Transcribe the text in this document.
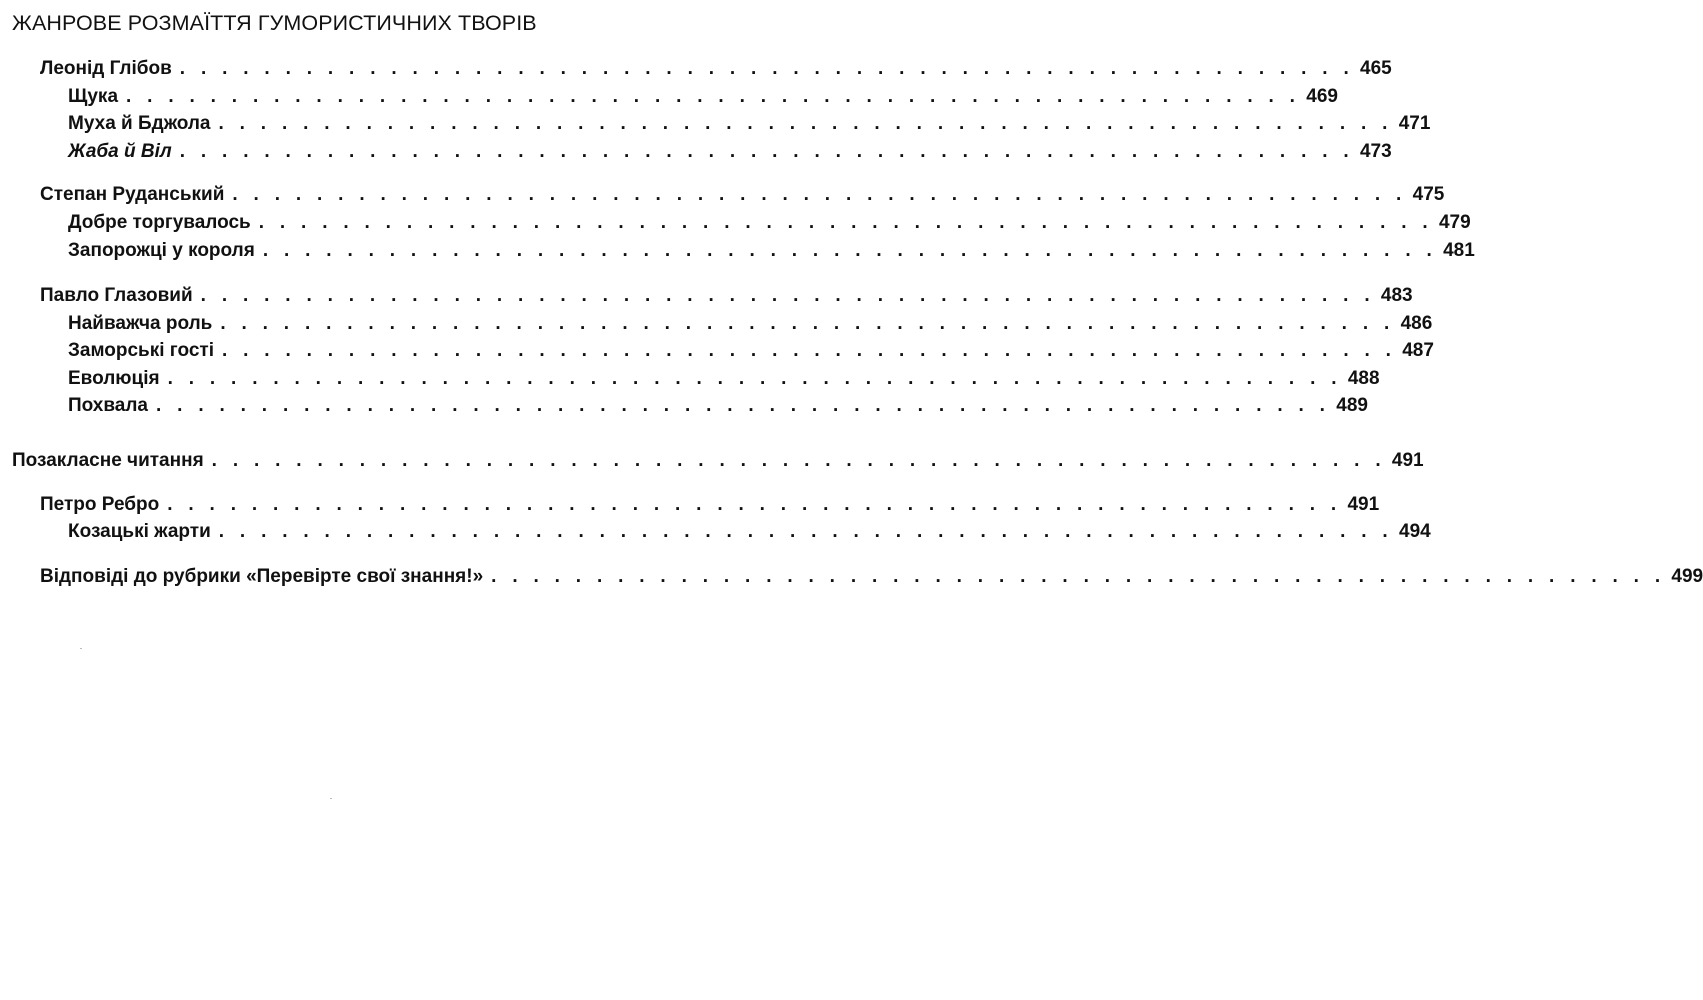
ЖАНРОВЕ РОЗМАЇТТЯ ГУМОРИСТИЧНИХ ТВОРІВ
Леонід Глібов . . . . . . . . . . . . . . . . . . . . . . . . . . . . . . . . . . . . . . . . . . . . . . . . . . . . . . . . 465
Щука . . . . . . . . . . . . . . . . . . . . . . . . . . . . . . . . . . . . . . . . . . . . . . . . . . . . . . . . 469
Муха й Бджола . . . . . . . . . . . . . . . . . . . . . . . . . . . . . . . . . . . . . . . . . . . . . . . . . . . . . . . . 471
Жаба й Віл . . . . . . . . . . . . . . . . . . . . . . . . . . . . . . . . . . . . . . . . . . . . . . . . . . . . . . . . 473
Степан Руданський . . . . . . . . . . . . . . . . . . . . . . . . . . . . . . . . . . . . . . . . . . . . . . . . . . . . . . . . 475
Добре торгувалось . . . . . . . . . . . . . . . . . . . . . . . . . . . . . . . . . . . . . . . . . . . . . . . . . . . . . . . . 479
Запорожці у короля . . . . . . . . . . . . . . . . . . . . . . . . . . . . . . . . . . . . . . . . . . . . . . . . . . . . . . . . 481
Павло Глазовий . . . . . . . . . . . . . . . . . . . . . . . . . . . . . . . . . . . . . . . . . . . . . . . . . . . . . . . . 483
Найважча роль . . . . . . . . . . . . . . . . . . . . . . . . . . . . . . . . . . . . . . . . . . . . . . . . . . . . . . . . 486
Заморські гості . . . . . . . . . . . . . . . . . . . . . . . . . . . . . . . . . . . . . . . . . . . . . . . . . . . . . . . . 487
Еволюція . . . . . . . . . . . . . . . . . . . . . . . . . . . . . . . . . . . . . . . . . . . . . . . . . . . . . . . . 488
Похвала . . . . . . . . . . . . . . . . . . . . . . . . . . . . . . . . . . . . . . . . . . . . . . . . . . . . . . . . 489
Позакласне читання . . . . . . . . . . . . . . . . . . . . . . . . . . . . . . . . . . . . . . . . . . . . . . . . . . . . . . . . 491
Петро Ребро . . . . . . . . . . . . . . . . . . . . . . . . . . . . . . . . . . . . . . . . . . . . . . . . . . . . . . . . 491
Козацькі жарти . . . . . . . . . . . . . . . . . . . . . . . . . . . . . . . . . . . . . . . . . . . . . . . . . . . . . . . . 494
Відповіді до рубрики «Перевірте свої знання!» . . . . . . . . . . . . . . . . . . . . . . . . . . . . . . . . . . . . . . . . . . . . . . . . . . . . . . . . 499
